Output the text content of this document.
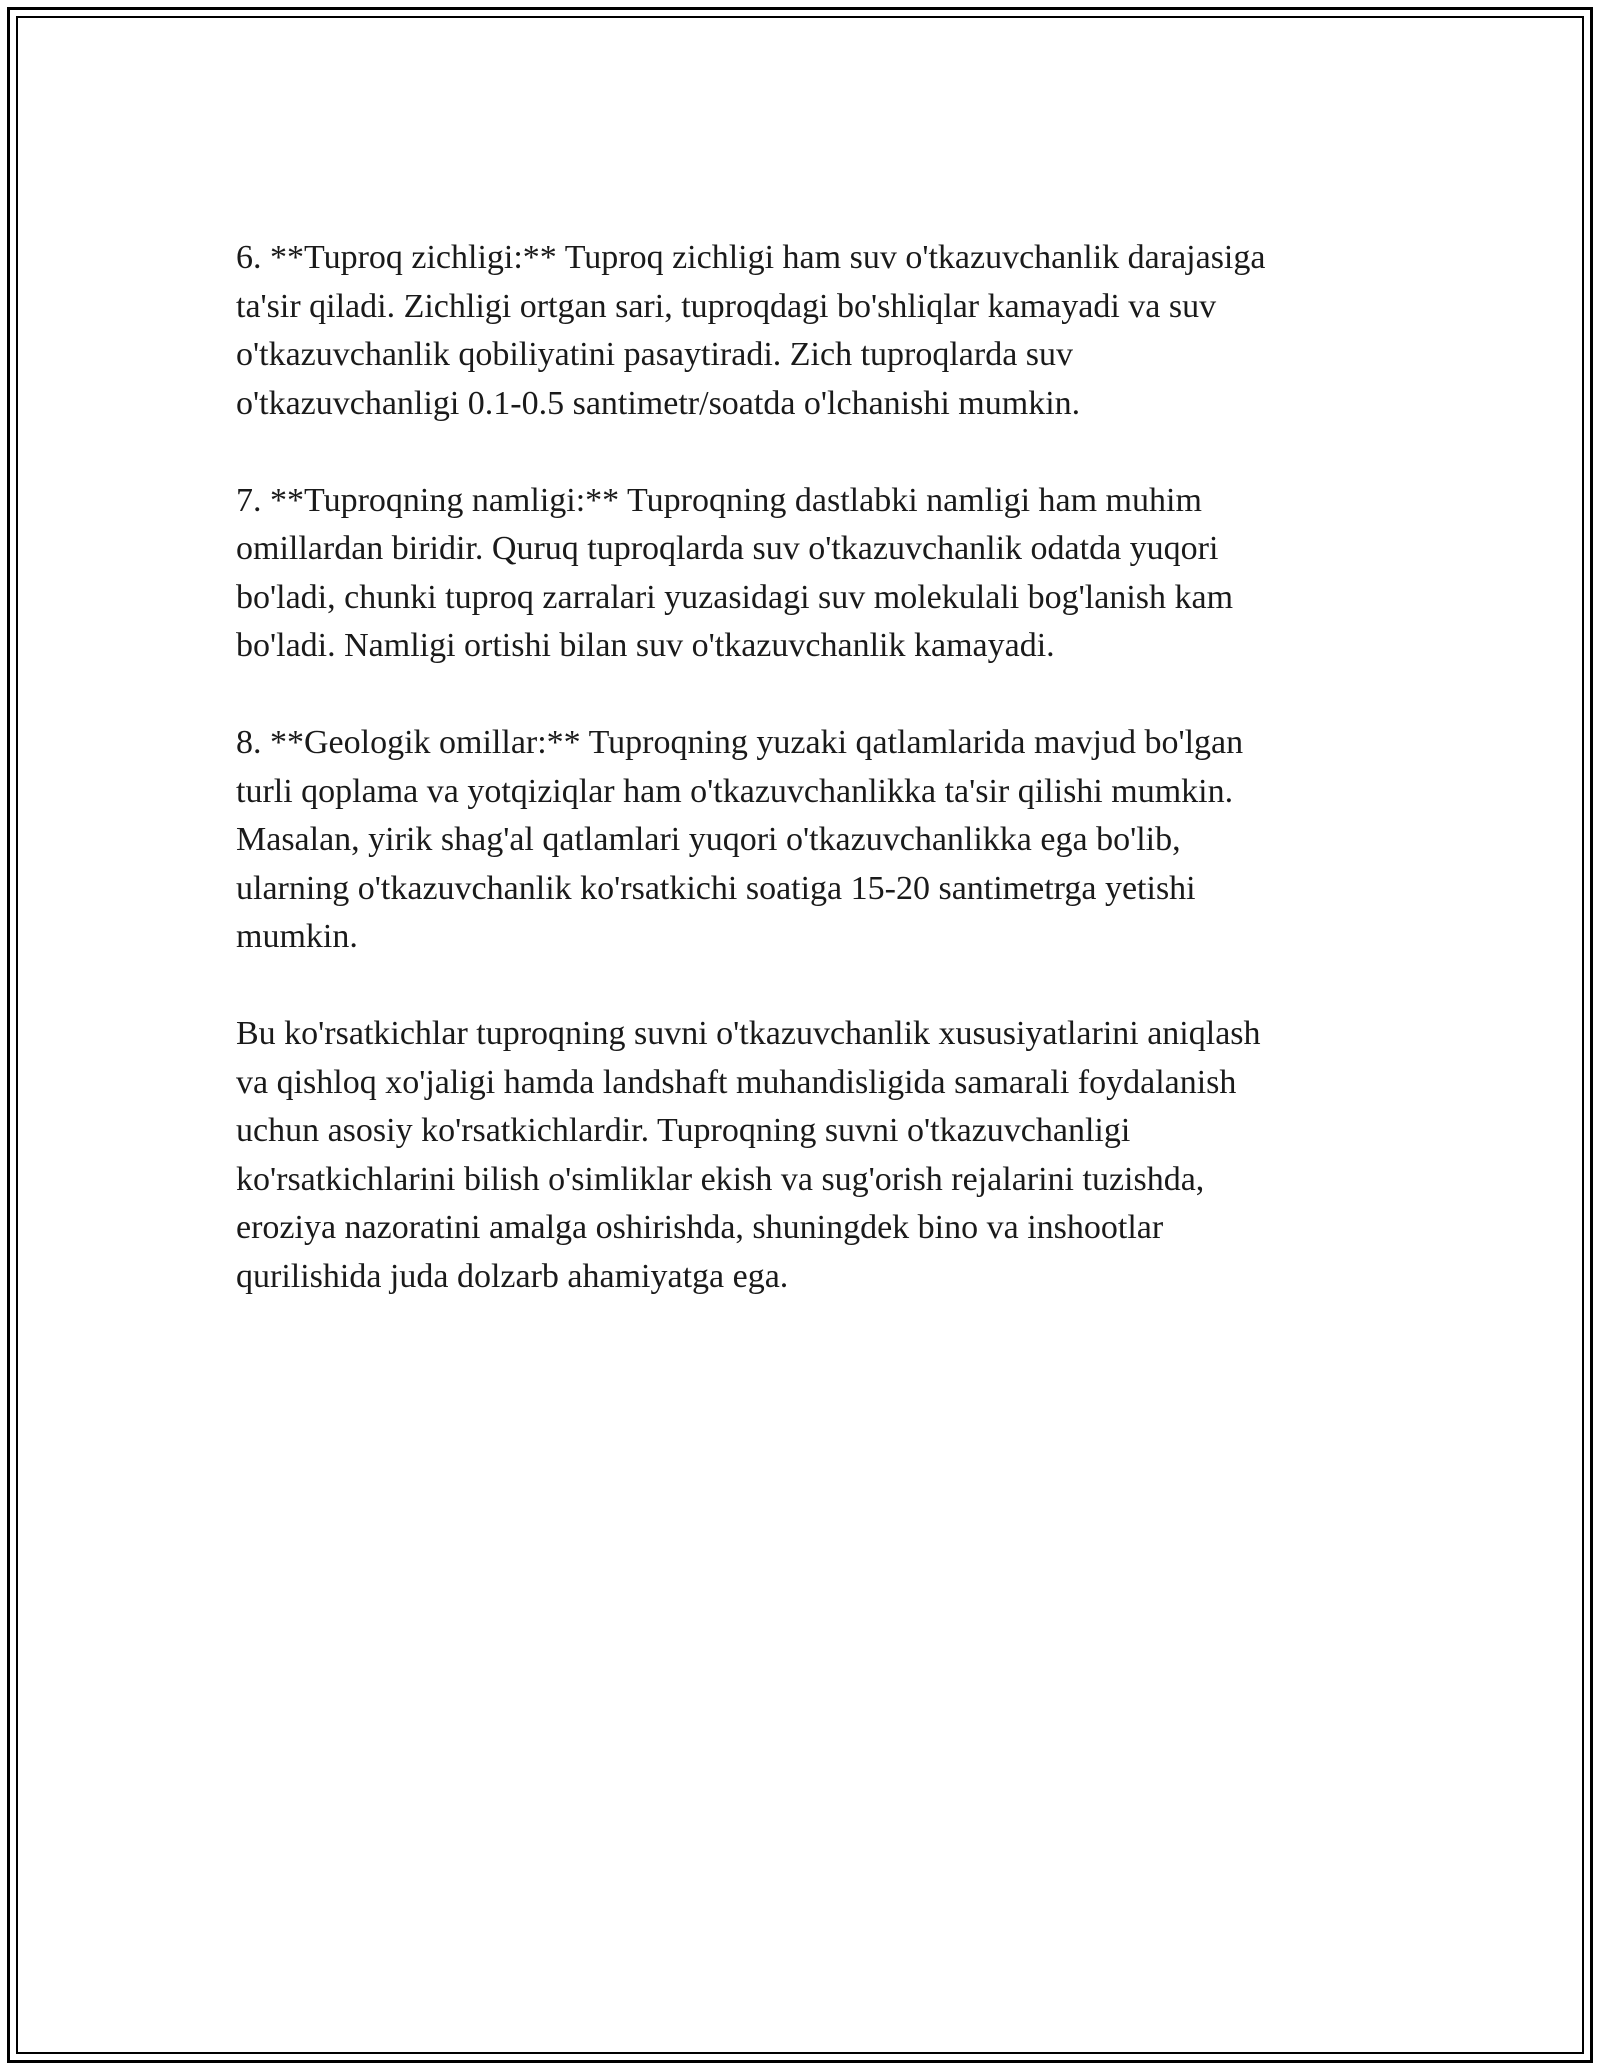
6. **Tuproq zichligi:** Tuproq zichligi ham suv o'tkazuvchanlik darajasiga
ta'sir qiladi. Zichligi ortgan sari, tuproqdagi bo'shliqlar kamayadi va suv
o'tkazuvchanlik qobiliyatini pasaytiradi. Zich tuproqlarda suv
o'tkazuvchanligi 0.1-0.5 santimetr/soatda o'lchanishi mumkin.

7. **Tuproqning namligi:** Tuproqning dastlabki namligi ham muhim
omillardan biridir. Quruq tuproqlarda suv o'tkazuvchanlik odatda yuqori
bo'ladi, chunki tuproq zarralari yuzasidagi suv molekulali bog'lanish kam
bo'ladi. Namligi ortishi bilan suv o'tkazuvchanlik kamayadi.

8. **Geologik omillar:** Tuproqning yuzaki qatlamlarida mavjud bo'lgan
turli qoplama va yotqiziqlar ham o'tkazuvchanlikka ta'sir qilishi mumkin.
Masalan, yirik shag'al qatlamlari yuqori o'tkazuvchanlikka ega bo'lib,
ularning o'tkazuvchanlik ko'rsatkichi soatiga 15-20 santimetrga yetishi
mumkin.

Bu ko'rsatkichlar tuproqning suvni o'tkazuvchanlik xususiyatlarini aniqlash
va qishloq xo'jaligi hamda landshaft muhandisligida samarali foydalanish
uchun asosiy ko'rsatkichlardir. Tuproqning suvni o'tkazuvchanligi
ko'rsatkichlarini bilish o'simliklar ekish va sug'orish rejalarini tuzishda,
eroziya nazoratini amalga oshirishda, shuningdek bino va inshootlar
qurilishida juda dolzarb ahamiyatga ega.
